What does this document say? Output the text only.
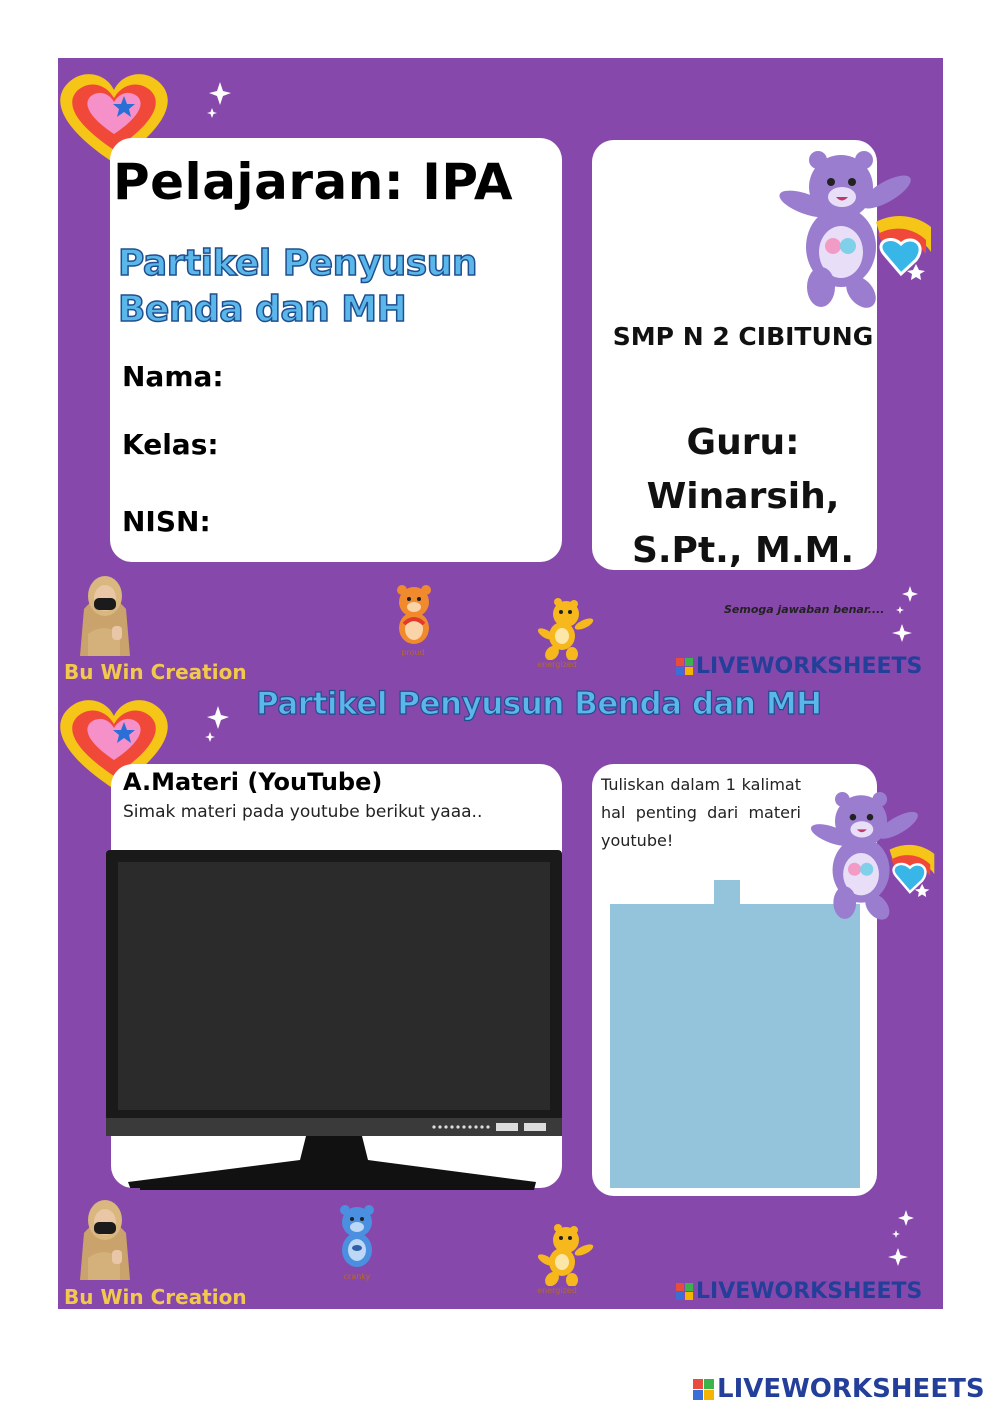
Pelajaran: IPA
Partikel Penyusun
Benda dan MH
Nama:
Kelas:
NISN:
SMP N 2 CIBITUNG
Guru:
Winarsih,
S.Pt., M.M.
Bu Win Creation
proud
energized
Semoga jawaban benar....
LIVEWORKSHEETS
Partikel Penyusun Benda dan MH
A.Materi (YouTube)
Simak materi pada youtube berikut yaaa..
Tuliskan dalam 1 kalimat hal penting dari materi youtube!
Bu Win Creation
cranky
energized	LIVEWORKSHEETS
LIVEWORKSHEETS
